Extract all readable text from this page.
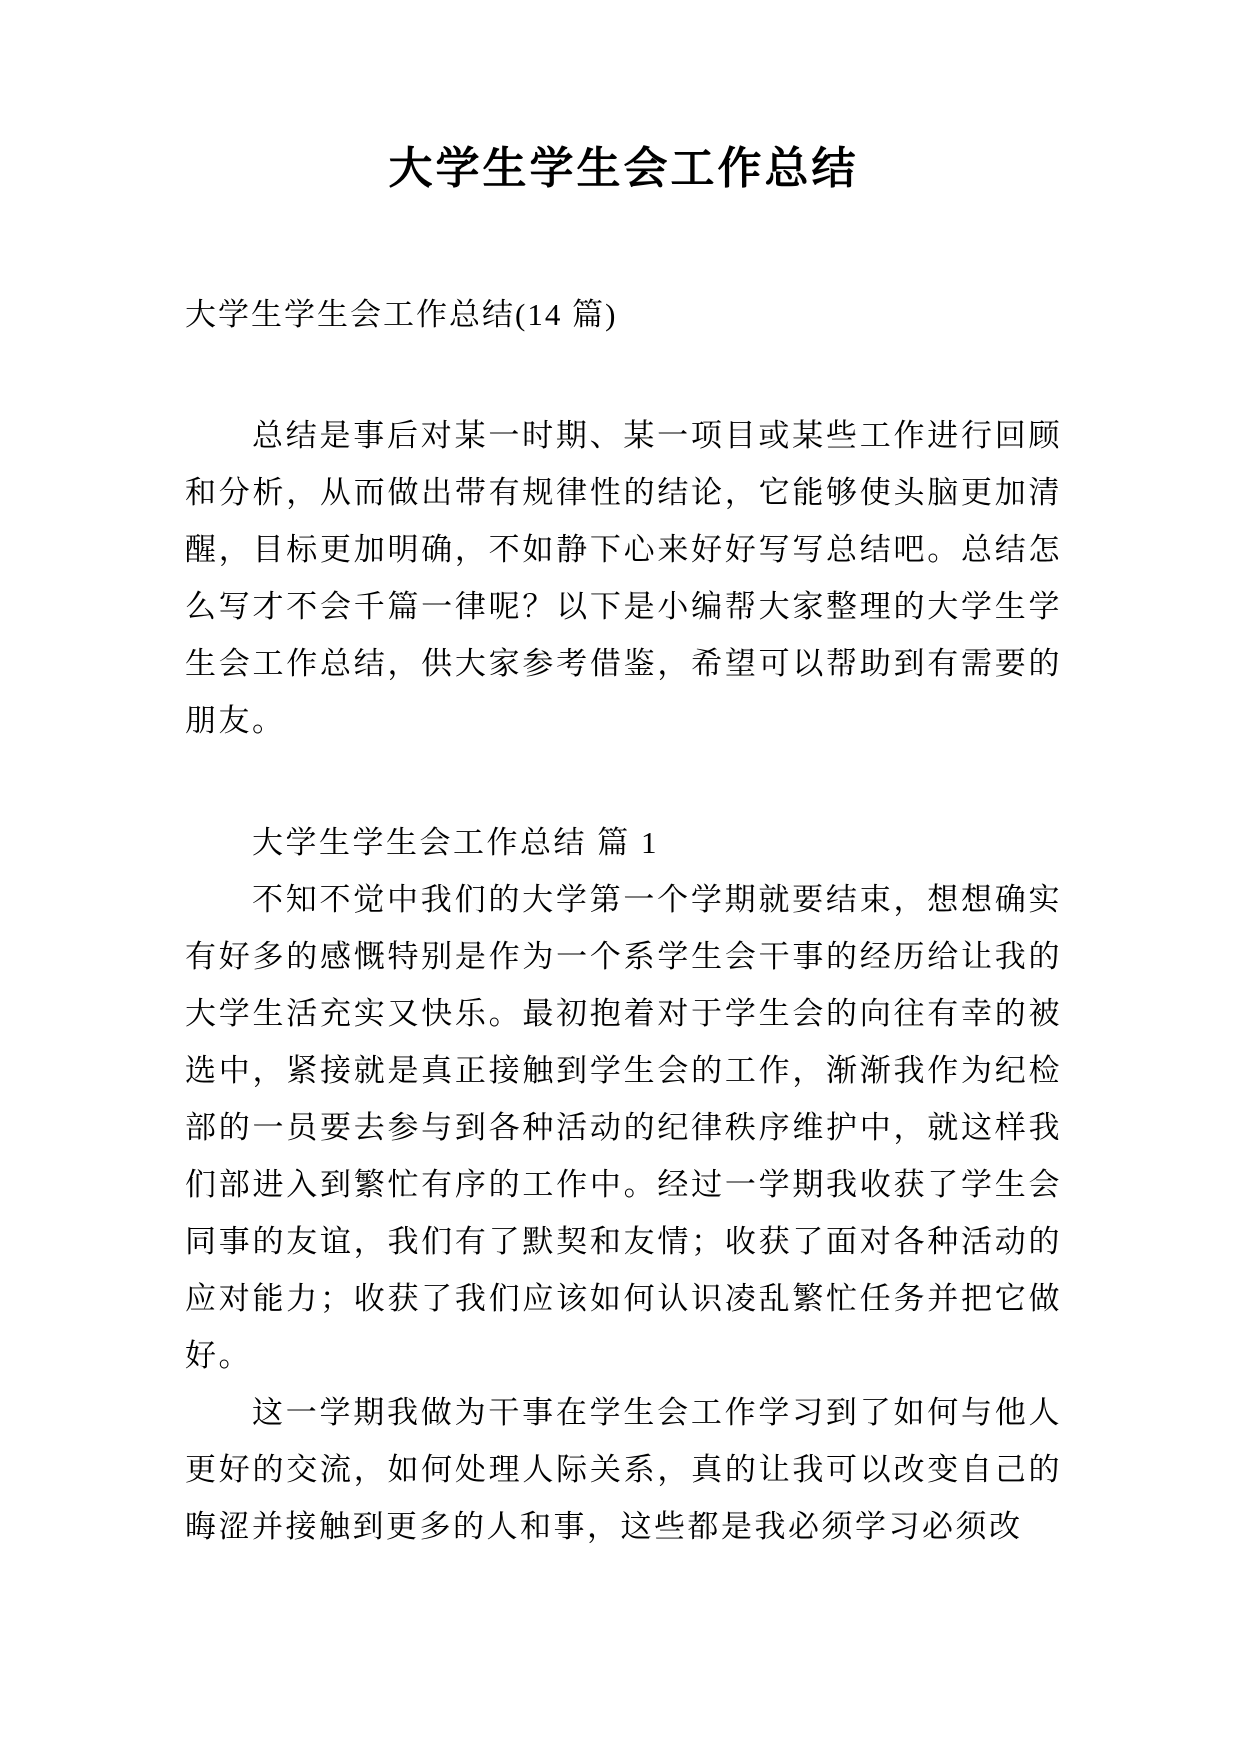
大学生学生会工作总结

大学生学生会工作总结(14 篇)

总结是事后对某一时期、某一项目或某些工作进行回顾和分析，从而做出带有规律性的结论，它能够使头脑更加清醒，目标更加明确，不如静下心来好好写写总结吧。总结怎么写才不会千篇一律呢？以下是小编帮大家整理的大学生学生会工作总结，供大家参考借鉴，希望可以帮助到有需要的朋友。

大学生学生会工作总结 篇 1

不知不觉中我们的大学第一个学期就要结束，想想确实有好多的感慨特别是作为一个系学生会干事的经历给让我的大学生活充实又快乐。最初抱着对于学生会的向往有幸的被选中，紧接就是真正接触到学生会的工作，渐渐我作为纪检部的一员要去参与到各种活动的纪律秩序维护中，就这样我们部进入到繁忙有序的工作中。经过一学期我收获了学生会同事的友谊，我们有了默契和友情；收获了面对各种活动的应对能力；收获了我们应该如何认识凌乱繁忙任务并把它做好。

这一学期我做为干事在学生会工作学习到了如何与他人更好的交流，如何处理人际关系，真的让我可以改变自己的晦涩并接触到更多的人和事，这些都是我必须学习必须改
